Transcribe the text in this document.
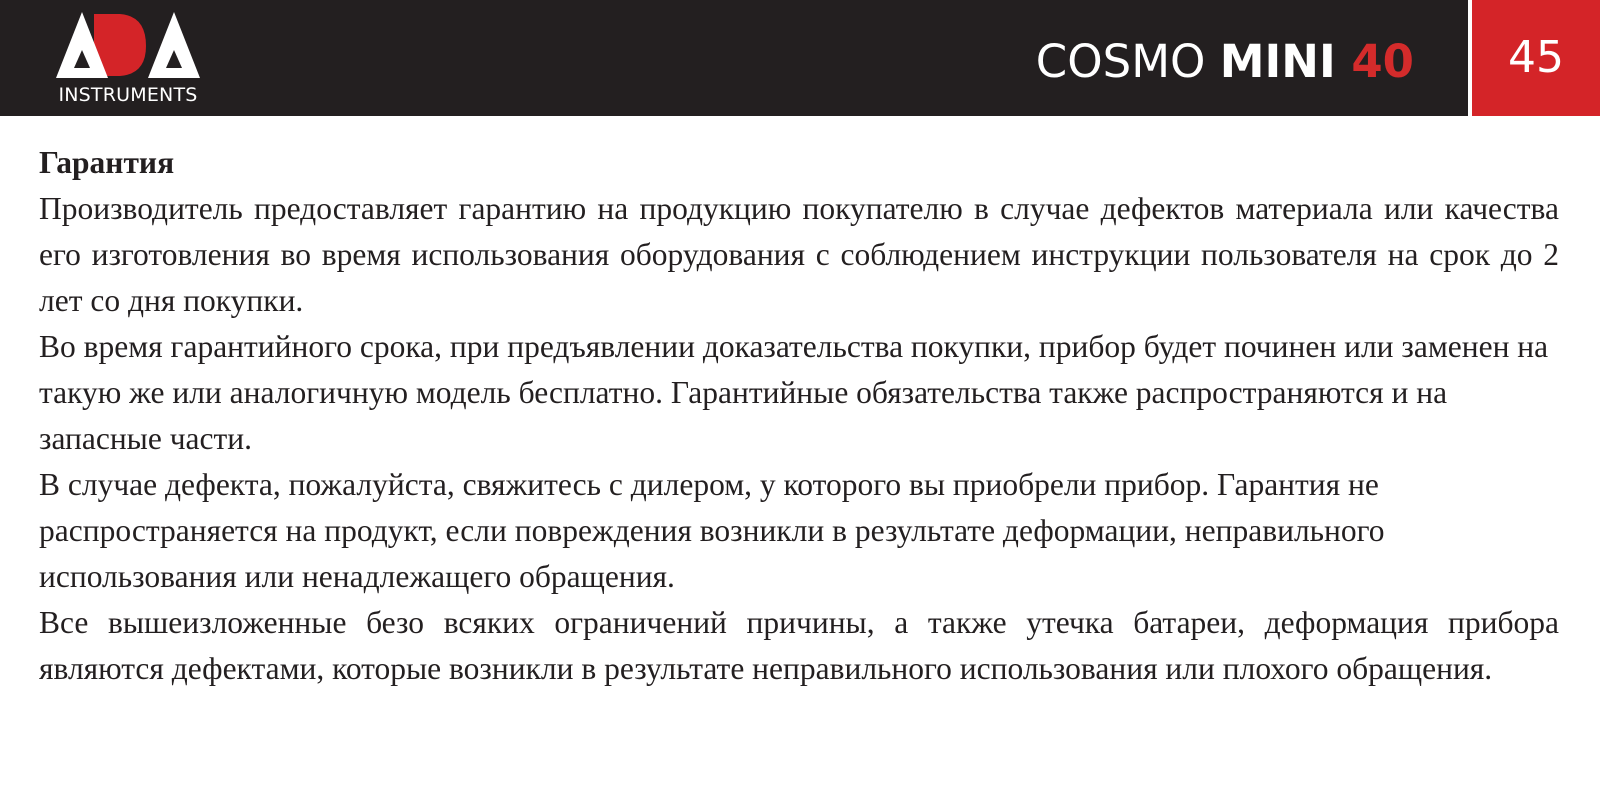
INSTRUMENTS
COSMO MINI 40	45

Гарантия

Производитель предоставляет гарантию на продукцию покупателю в случае дефектов материала или качества его изготовления во время использования оборудования с соблюдением инструкции пользователя на срок до 2 лет со дня покупки.

Во время гарантийного срока, при предъявлении доказательства покупки, прибор будет починен или заменен на такую же или аналогичную модель бесплатно. Гарантийные обязательства также распространяются и на запасные части.

В случае дефекта, пожалуйста, свяжитесь с дилером, у которого вы приобрели прибор. Гарантия не распространяется на продукт, если повреждения возникли в результате деформации, неправильного использования или ненадлежащего обращения.

Все вышеизложенные безо всяких ограничений причины, а также утечка батареи, деформация прибора являются дефектами, которые возникли в результате неправильного использования или плохого обращения.
